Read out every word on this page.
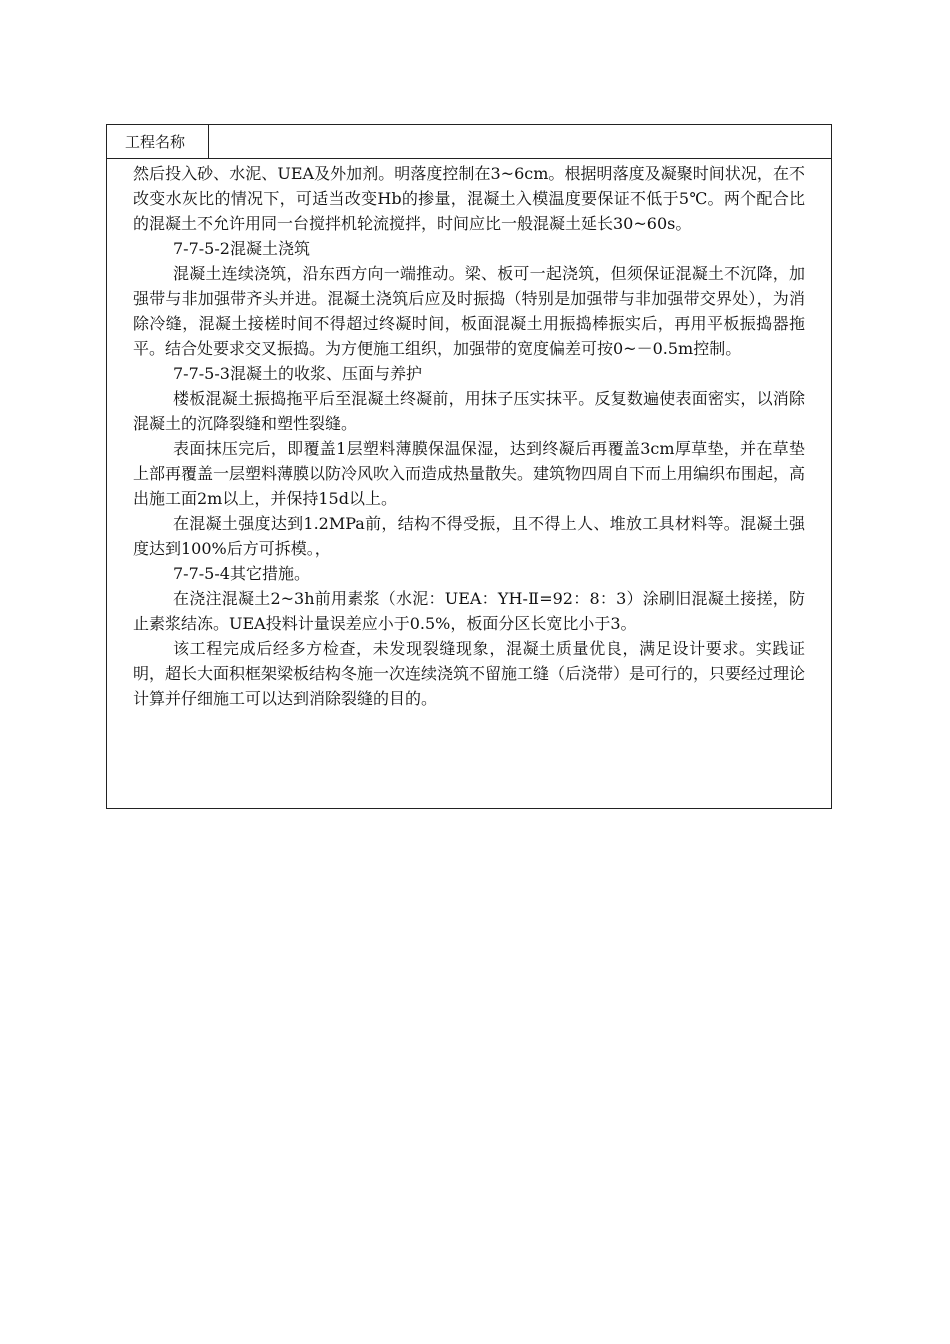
工程名称

然后投入砂、水泥、UEA及外加剂。明落度控制在3~6cm。根据明落度及凝聚时间状况，在不改变水灰比的情况下，可适当改变Hb的掺量，混凝土入模温度要保证不低于5℃。两个配合比的混凝土不允许用同一台搅拌机轮流搅拌，时间应比一般混凝土延长30~60s。

7-7-5-2混凝土浇筑

混凝土连续浇筑，沿东西方向一端推动。梁、板可一起浇筑，但须保证混凝土不沉降，加强带与非加强带齐头并进。混凝土浇筑后应及时振捣（特别是加强带与非加强带交界处），为消除冷缝，混凝土接槎时间不得超过终凝时间，板面混凝土用振捣棒振实后，再用平板振捣器拖平。结合处要求交叉振捣。为方便施工组织，加强带的宽度偏差可按0~－0.5m控制。

7-7-5-3混凝土的收浆、压面与养护

楼板混凝土振捣拖平后至混凝土终凝前，用抹子压实抹平。反复数遍使表面密实，以消除混凝土的沉降裂缝和塑性裂缝。

表面抹压完后，即覆盖1层塑料薄膜保温保湿，达到终凝后再覆盖3cm厚草垫，并在草垫上部再覆盖一层塑料薄膜以防冷风吹入而造成热量散失。建筑物四周自下而上用编织布围起，高出施工面2m以上，并保持15d以上。

在混凝土强度达到1.2MPa前，结构不得受振，且不得上人、堆放工具材料等。混凝土强度达到100%后方可拆模。，

7-7-5-4其它措施。

在浇注混凝土2~3h前用素浆（水泥：UEA：YH-Ⅱ=92：8：3）涂刷旧混凝土接搓，防止素浆结冻。UEA投料计量误差应小于0.5%，板面分区长宽比小于3。

该工程完成后经多方检查，未发现裂缝现象，混凝土质量优良，满足设计要求。实践证明，超长大面积框架梁板结构冬施一次连续浇筑不留施工缝（后浇带）是可行的，只要经过理论计算并仔细施工可以达到消除裂缝的目的。
